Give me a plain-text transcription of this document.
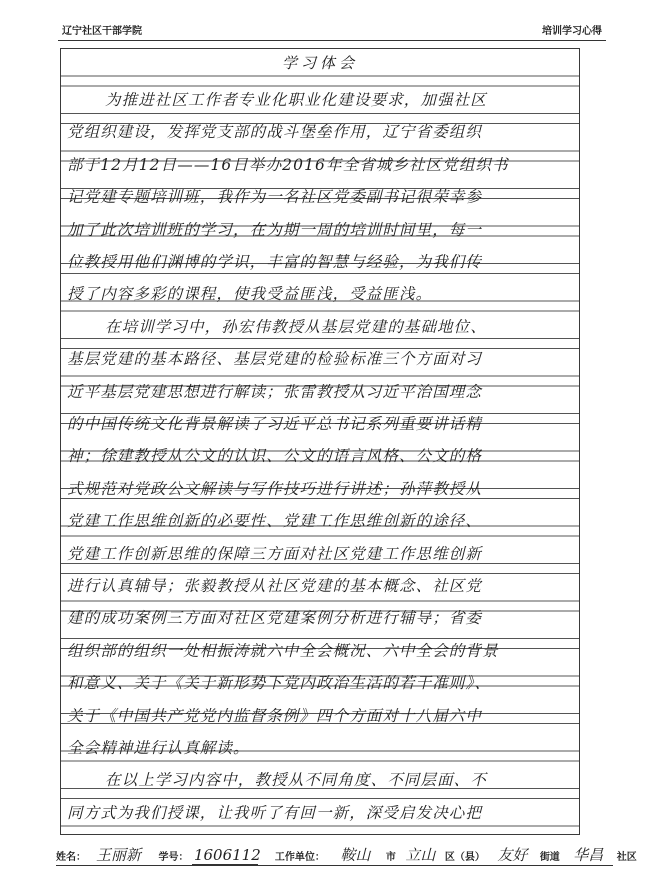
辽宁社区干部学院	培训学习心得
学习体会
为推进社区工作者专业化职业化建设要求，加强社区
党组织建设，发挥党支部的战斗堡垒作用，辽宁省委组织
部于12月12日——16日举办2016年全省城乡社区党组织书
记党建专题培训班，我作为一名社区党委副书记很荣幸参
加了此次培训班的学习，在为期一周的培训时间里，每一
位教授用他们渊博的学识，丰富的智慧与经验，为我们传
授了内容多彩的课程，使我受益匪浅，受益匪浅。
在培训学习中，孙宏伟教授从基层党建的基础地位、
基层党建的基本路径、基层党建的检验标准三个方面对习
近平基层党建思想进行解读；张雷教授从习近平治国理念
的中国传统文化背景解读了习近平总书记系列重要讲话精
神；徐建教授从公文的认识、公文的语言风格、公文的格
式规范对党政公文解读与写作技巧进行讲述；孙萍教授从
党建工作思维创新的必要性、党建工作思维创新的途径、
党建工作创新思维的保障三方面对社区党建工作思维创新
进行认真辅导；张毅教授从社区党建的基本概念、社区党
建的成功案例三方面对社区党建案例分析进行辅导；省委
组织部的组织一处相振涛就六中全会概况、六中全会的背景
和意义、关于《关于新形势下党内政治生活的若干准则》、
关于《中国共产党党内监督条例》四个方面对十八届六中
全会精神进行认真解读。
在以上学习内容中，教授从不同角度、不同层面、不
同方式为我们授课，让我听了有回一新，深受启发决心把
姓名： 王丽新 学号： 1606112 工作单位： 鞍山 市 立山 区（县） 友好 街道 华昌 社区
